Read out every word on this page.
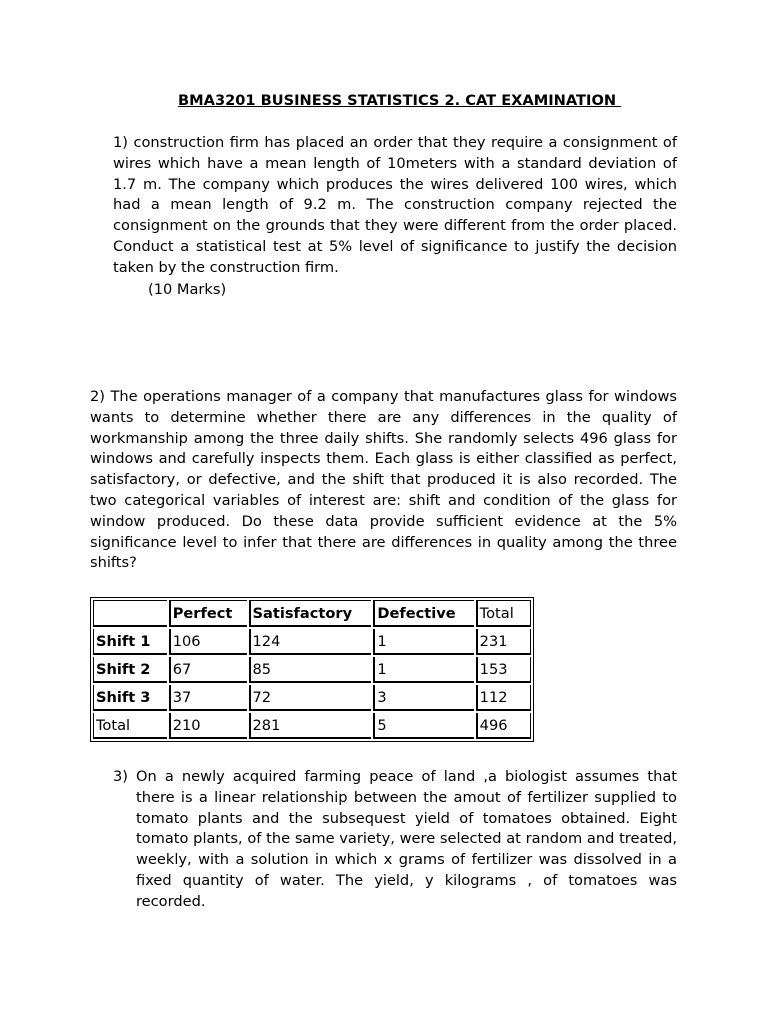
BMA3201 BUSINESS STATISTICS 2. CAT EXAMINATION

1) construction firm has placed an order that they require a consignment of wires which have a mean length of 10meters with a standard deviation of 1.7 m. The company which produces the wires delivered 100 wires, which had a mean length of 9.2 m. The construction company rejected the consignment on the grounds that they were different from the order placed. Conduct a statistical test at 5% level of significance to justify the decision taken by the construction firm.

(10 Marks)

2) The operations manager of a company that manufactures glass for windows wants to determine whether there are any differences in the quality of workmanship among the three daily shifts. She randomly selects 496 glass for windows and carefully inspects them. Each glass is either classified as perfect, satisfactory, or defective, and the shift that produced it is also recorded. The two categorical variables of interest are: shift and condition of the glass for window produced. Do these data provide sufficient evidence at the 5% significance level to infer that there are differences in quality among the three shifts?

	Perfect	Satisfactory	Defective	Total
Shift 1	106	124	1	231
Shift 2	67	85	1	153
Shift 3	37	72	3	112
Total	210	281	5	496
3) On a newly acquired farming peace of land ,a biologist assumes that there is a linear relationship between the amout of fertilizer supplied to tomato plants and the subsequest yield of tomatoes obtained. Eight tomato plants, of the same variety, were selected at random and treated, weekly, with a solution in which x grams of fertilizer was dissolved in a fixed quantity of water. The yield, y kilograms , of tomatoes was recorded.
